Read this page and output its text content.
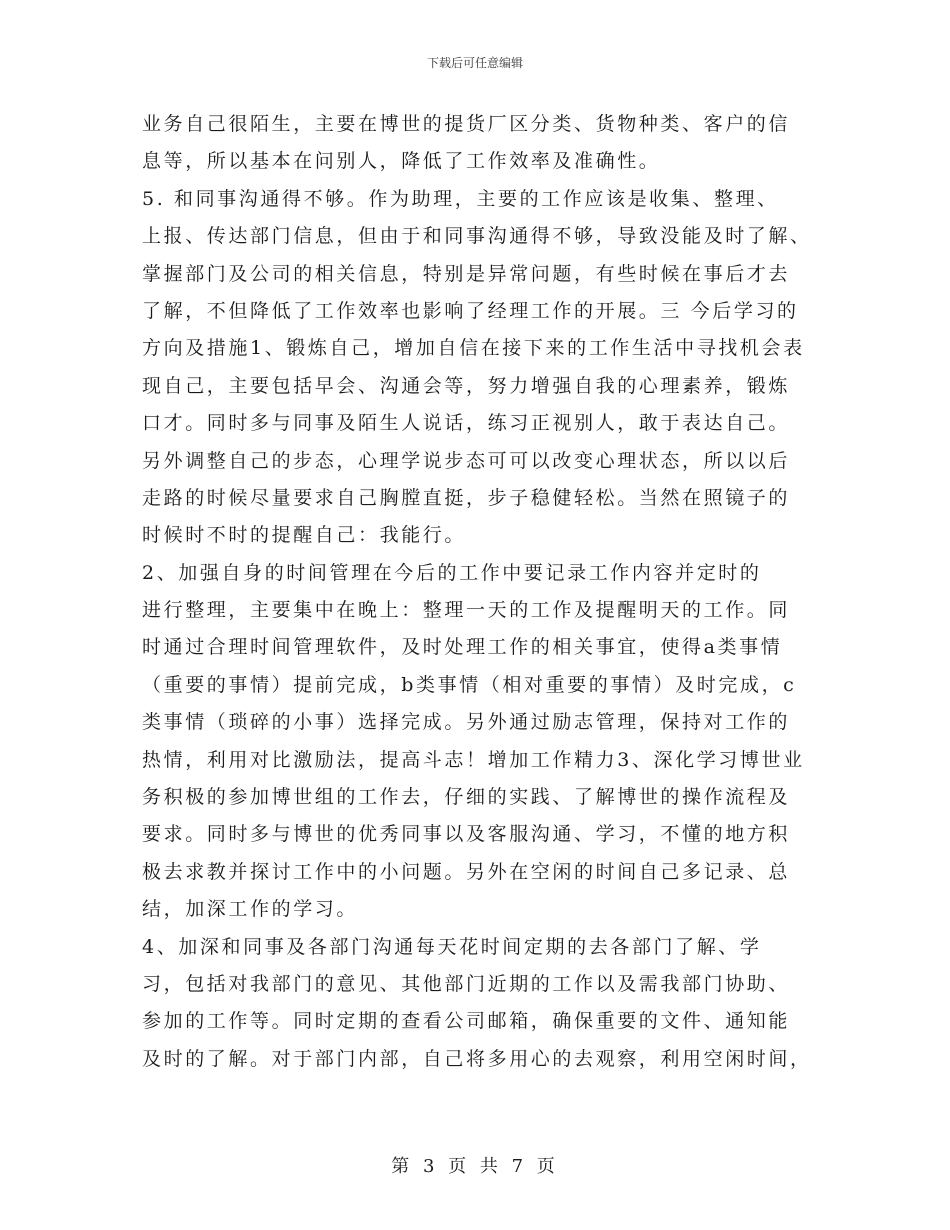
下载后可任意编辑
业务自己很陌生，主要在博世的提货厂区分类、货物种类、客户的信
息等，所以基本在问别人，降低了工作效率及准确性。
5. 和同事沟通得不够。作为助理，主要的工作应该是收集、整理、
上报、传达部门信息，但由于和同事沟通得不够，导致没能及时了解、
掌握部门及公司的相关信息，特别是异常问题，有些时候在事后才去
了解，不但降低了工作效率也影响了经理工作的开展。三 今后学习的
方向及措施1、锻炼自己，增加自信在接下来的工作生活中寻找机会表
现自己，主要包括早会、沟通会等，努力增强自我的心理素养，锻炼
口才。同时多与同事及陌生人说话，练习正视别人，敢于表达自己。
另外调整自己的步态，心理学说步态可可以改变心理状态，所以以后
走路的时候尽量要求自己胸膛直挺，步子稳健轻松。当然在照镜子的
时候时不时的提醒自己：我能行。
2、加强自身的时间管理在今后的工作中要记录工作内容并定时的
进行整理，主要集中在晚上：整理一天的工作及提醒明天的工作。同
时通过合理时间管理软件，及时处理工作的相关事宜，使得a类事情
（重要的事情）提前完成，b类事情（相对重要的事情）及时完成，c
类事情（琐碎的小事）选择完成。另外通过励志管理，保持对工作的
热情，利用对比激励法，提高斗志！增加工作精力3、深化学习博世业
务积极的参加博世组的工作去，仔细的实践、了解博世的操作流程及
要求。同时多与博世的优秀同事以及客服沟通、学习，不懂的地方积
极去求教并探讨工作中的小问题。另外在空闲的时间自己多记录、总
结，加深工作的学习。
4、加深和同事及各部门沟通每天花时间定期的去各部门了解、学
习，包括对我部门的意见、其他部门近期的工作以及需我部门协助、
参加的工作等。同时定期的查看公司邮箱，确保重要的文件、通知能
及时的了解。对于部门内部，自己将多用心的去观察，利用空闲时间，
第 3 页 共 7 页
